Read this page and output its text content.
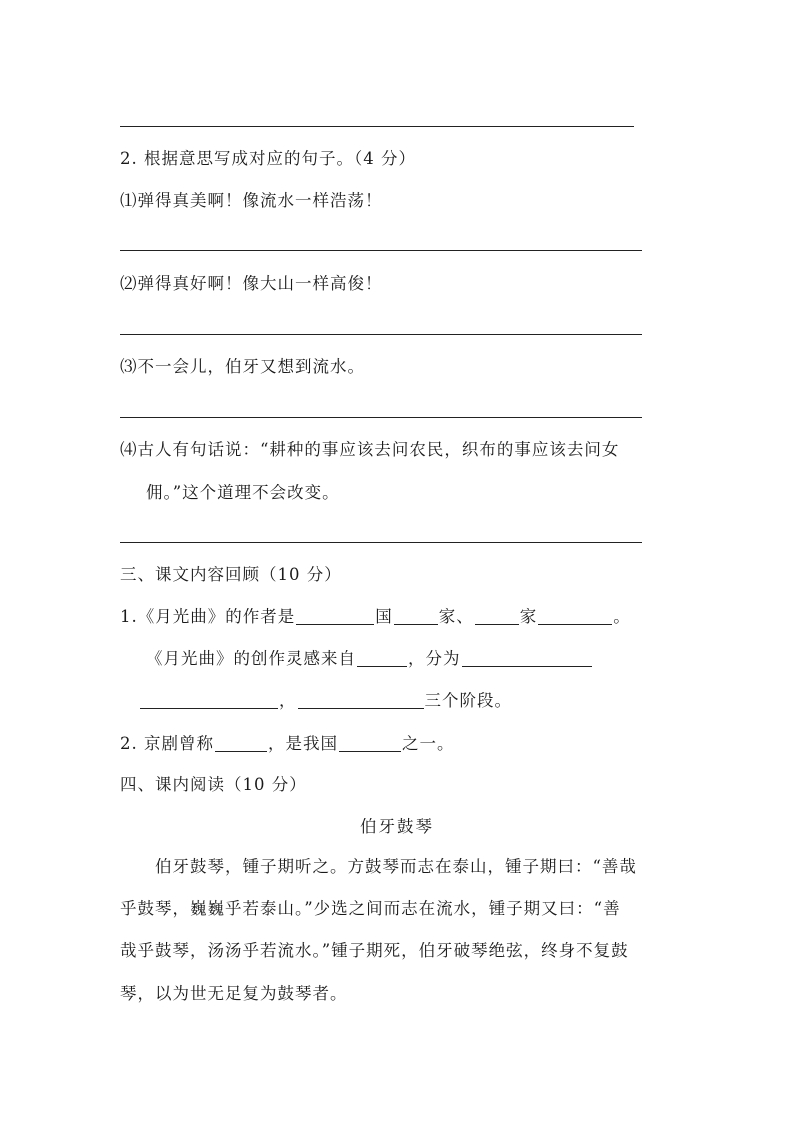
2. 根据意思写成对应的句子。（4 分）
⑴弹得真美啊！像流水一样浩荡！
⑵弹得真好啊！像大山一样高俊！
⑶不一会儿，伯牙又想到流水。
⑷古人有句话说：“耕种的事应该去问农民，织布的事应该去问女
佣。”这个道理不会改变。
三、课文内容回顾（10 分）
1.《月光曲》的作者是	国	家、	家	。
《月光曲》的创作灵感来自	，分为
，	三个阶段。
2. 京剧曾称	，是我国	之一。
四、课内阅读（10 分）
伯牙鼓琴
伯牙鼓琴，锺子期听之。方鼓琴而志在泰山，锺子期曰：“善哉
乎鼓琴，巍巍乎若泰山。”少选之间而志在流水，锺子期又曰：“善
哉乎鼓琴，汤汤乎若流水。”锺子期死，伯牙破琴绝弦，终身不复鼓
琴，以为世无足复为鼓琴者。
